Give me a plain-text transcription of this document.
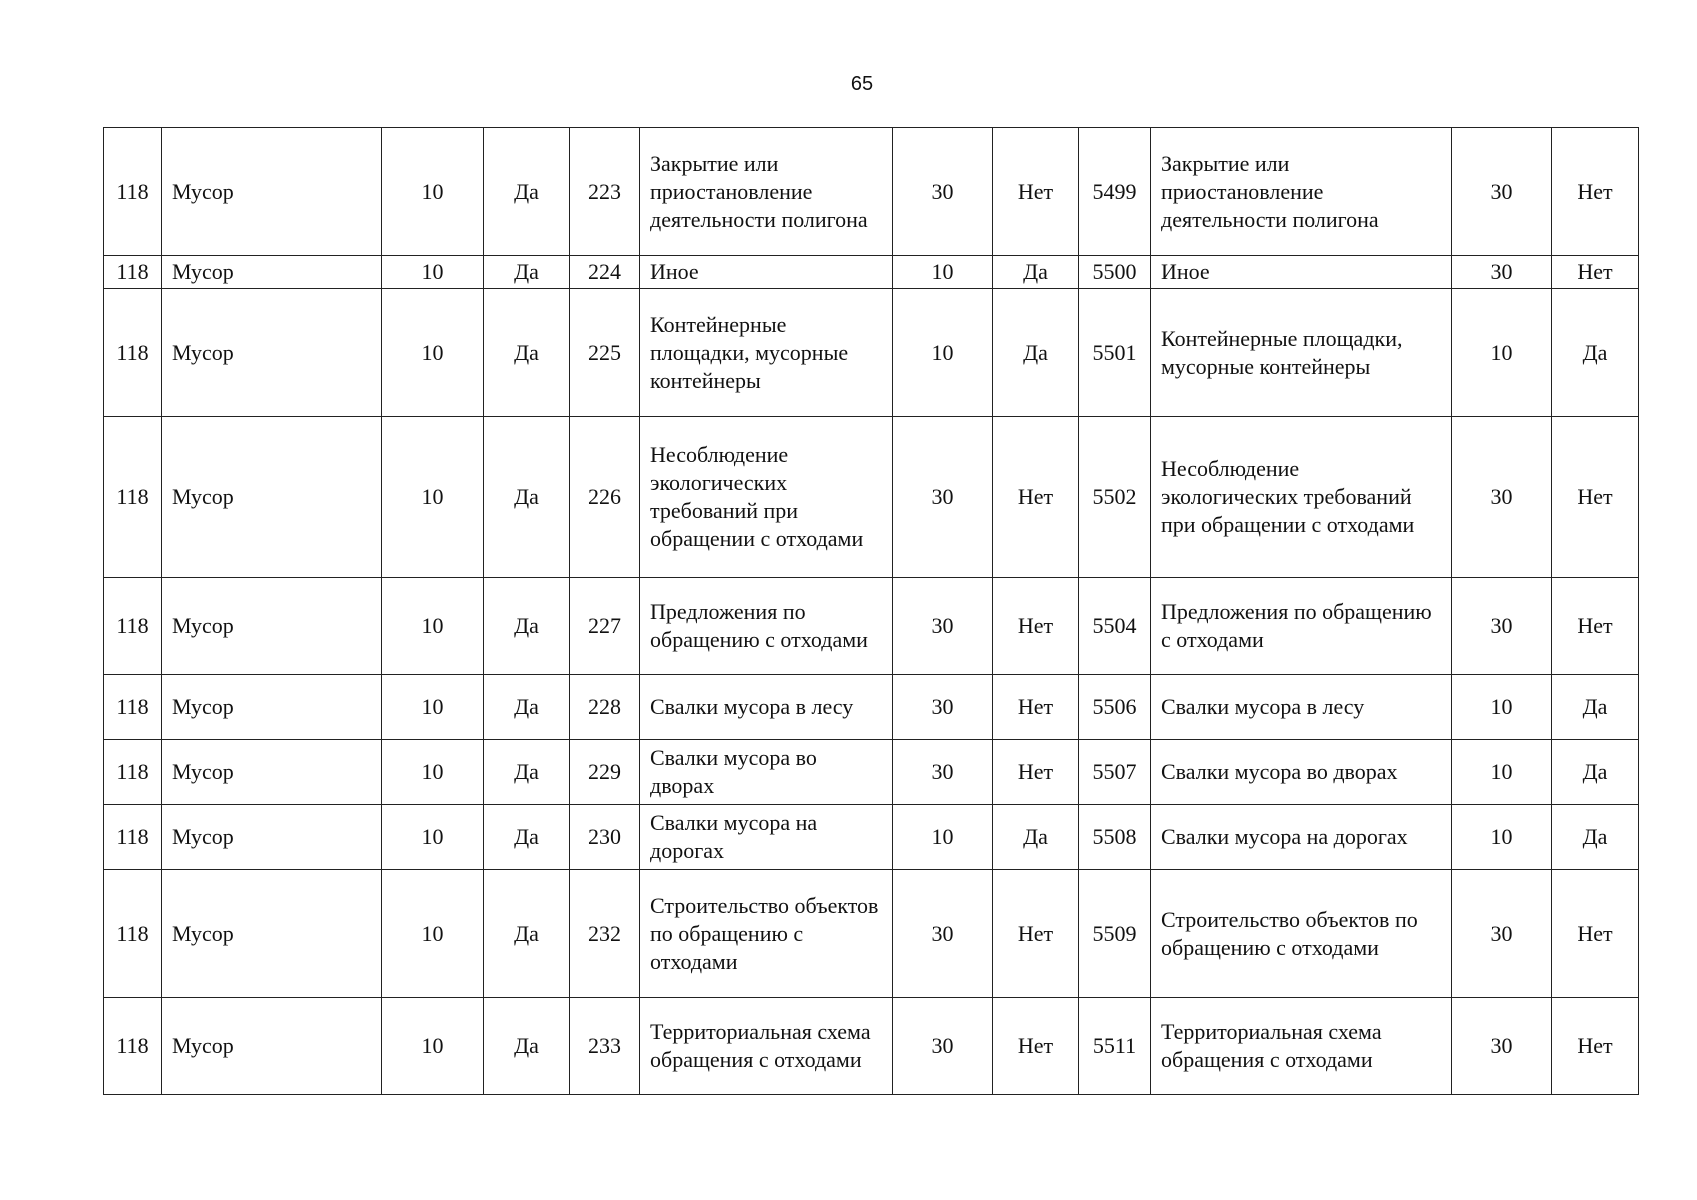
65
118	Мусор	10	Да	223	Закрытие или приостановление деятельности полигона	30	Нет	5499	Закрытие или приостановление деятельности полигона	30	Нет
118	Мусор	10	Да	224	Иное	10	Да	5500	Иное	30	Нет
118	Мусор	10	Да	225	Контейнерные площадки, мусорные контейнеры	10	Да	5501	Контейнерные площадки, мусорные контейнеры	10	Да
118	Мусор	10	Да	226	Несоблюдение экологических требований при обращении с отходами	30	Нет	5502	Несоблюдение экологических требований при обращении с отходами	30	Нет
118	Мусор	10	Да	227	Предложения по обращению с отходами	30	Нет	5504	Предложения по обращению с отходами	30	Нет
118	Мусор	10	Да	228	Свалки мусора в лесу	30	Нет	5506	Свалки мусора в лесу	10	Да
118	Мусор	10	Да	229	Свалки мусора во дворах	30	Нет	5507	Свалки мусора во дворах	10	Да
118	Мусор	10	Да	230	Свалки мусора на дорогах	10	Да	5508	Свалки мусора на дорогах	10	Да
118	Мусор	10	Да	232	Строительство объектов по обращению с отходами	30	Нет	5509	Строительство объектов по обращению с отходами	30	Нет
118	Мусор	10	Да	233	Территориальная схема обращения с отходами	30	Нет	5511	Территориальная схема обращения с отходами	30	Нет
